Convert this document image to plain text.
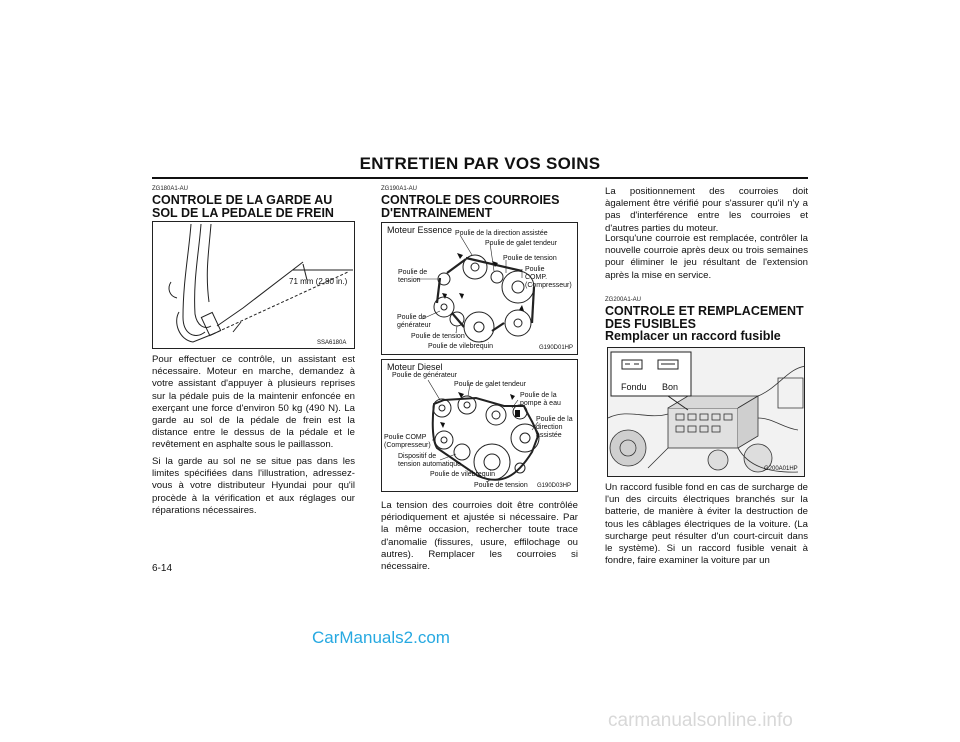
ENTRETIEN PAR VOS SOINS
ZG180A1-AU
CONTROLE DE LA GARDE AU SOL DE LA PEDALE DE FREIN
71 mm (2,80 in.)
SSA6180A
Pour effectuer ce contrôle, un assistant est nécessaire. Moteur en marche, demandez à votre assistant d'appuyer à plusieurs reprises sur la pédale puis de la maintenir enfoncée en exerçant une force d'environ 50 kg (490 N). La garde au sol de la pédale de frein est la distance entre le dessus de la pédale et le revêtement en asphalte sous le paillasson.
Si la garde au sol ne se situe pas dans les limites spécifiées dans l'illustration, adressez-vous à votre distributeur Hyundai pour qu'il procède à la vérification et aux réglages our réparations nécessaires.
6-14
ZG190A1-AU
CONTROLE DES COURROIES D'ENTRAINEMENT
Moteur Essence Poulie de la direction assistée
Poulie de galet tendeur
Poulie de tension
Poulie
COMP.
(Compresseur)
Poulie de
tension
Poulie de
générateur
Poulie de tension
Poulie de vilebrequin	G190D01HP
Moteur Diesel
Poulie de générateur
Poulie de galet tendeur
Poulie de la
pompe à eau
Poulie de la
direction
assistée
Poulie COMP
(Compresseur)
Dispositif de
tension automatique
Poulie de vilebrequin
Poulie de tension G190D03HP
La tension des courroies doit être contrôlée périodiquement et ajustée si nécessaire. Par la même occasion, rechercher toute trace d'anomalie (fissures, usure, effilochage ou autres). Remplacer les courroies si nécessaire.
La positionnement des courroies doit àgalement être vérifié pour s'assurer qu'il n'y a pas d'interférence entre les courroies et d'autres parties du moteur.
Lorsqu'une courroie est remplacée, contrôler la nouvelle courroie après deux ou trois semaines pour éliminer le jeu résultant de l'extension après la mise en service.
ZG200A1-AU
CONTROLE ET REMPLACEMENT DES FUSIBLES
Remplacer un raccord fusible
Fondu Bon
G200A01HP
Un raccord fusible fond en cas de surcharge de l'un des circuits électriques branchés sur la batterie, de manière à éviter la destruction de tous les câblages électriques de la voiture. (La surcharge peut résulter d'un court-circuit dans le système). Si un raccord fusible venait à fondre, faire examiner la voiture par un
CarManuals2.com
carmanualsonline.info
